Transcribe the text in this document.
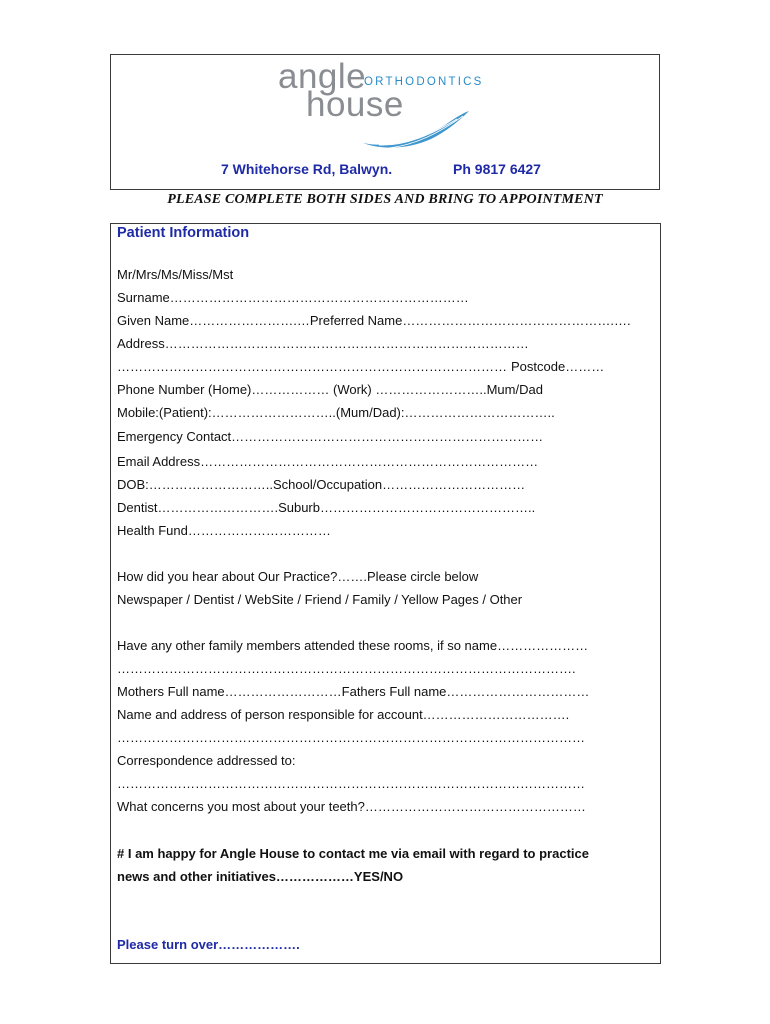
angle
ORTHODONTICS
house
7 Whitehorse Rd, Balwyn.	Ph 9817 6427
PLEASE COMPLETE BOTH SIDES AND BRING TO APPOINTMENT
Patient Information
Mr/Mrs/Ms/Miss/Mst
Surname……………………………………………………………
Given Name…………………….…Preferred Name………………………………………….….
Address…………………………………………………………………………
……………………………………………………………………………… Postcode………
Phone Number (Home)……………… (Work) ……………………..Mum/Dad
Mobile:(Patient):………………………..(Mum/Dad):……………………………..
Emergency Contact………………………………………………………………
Email Address……………………………………………………………………
DOB:………………………..School/Occupation……………………………
Dentist……………………….Suburb…………………………………………..
Health Fund……………………………
How did you hear about Our Practice?…….Please circle below
Newspaper / Dentist / WebSite / Friend / Family / Yellow Pages / Other
Have any other family members attended these rooms, if so name…………………
…………………………………………………………………………………………….
Mothers Full name………………………Fathers Full name……………………………
Name and address of person responsible for account…………………………….
………………………………………………………………………………………………
Correspondence addressed to:
………………………………………………………………………………………………
What concerns you most about your teeth?……………………………………………
# I am happy for Angle House to contact me via email with regard to practice
news and other initiatives………………YES/NO
Please turn over……………….
